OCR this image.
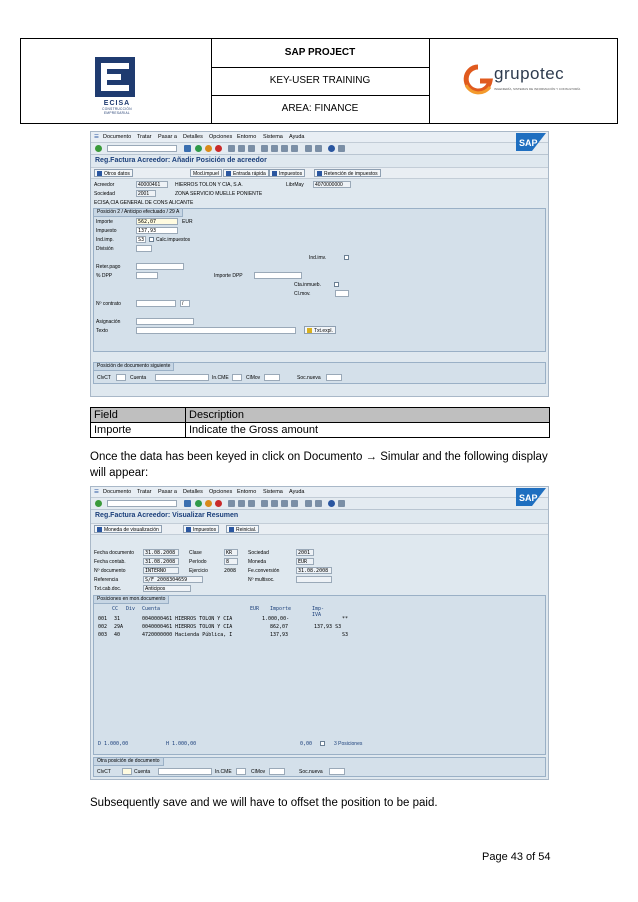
ECISA
CONSTRUCCIÓN EMPRESARIAL
SAP PROJECT
KEY-USER TRAINING
AREA: FINANCE
grupotec
INGENIERÍA, SISTEMAS DE INFORMACIÓN Y CONSULTORÍA
☰ Documento Tratar Pasar a Detalles Opciones Entorno Sistema Ayuda
SAP
Reg.Factura Acreedor: Añadir Posición de acreedor
Otros datos	Mod.impuel	Entrada rápida	Impuestos	Retención de impuestos
Acreedor	40000461	HIERROS TOLON Y CIA, S.A.	LibrMay	4070000000
Sociedad	2001	ZONA SERVICIO MUELLE PONIENTE
ECISA,CIA GENERAL DE CONS ALICANTE
Posición 2 / Anticipo efectuado / 29 A
Importe	562,07	EUR
Impuesto	137,93
Ind.imp.	S3	Calc.impuestos
División
Ind.imv.
Reter.pago
% DPP	Importe DPP
Cta.inmueb.
Cl.mov.
Nº contrato	/
Asignación
Texto	Txt.expl.
Posición de documento siguiente
ClvCT	Cuenta	In.CME	ClMov	Soc.nueva
Field	Description
Importe	Indicate the Gross amount
Once the data has been keyed in click on Documento → Simular and the following display will appear:
☰ Documento Tratar Pasar a Detalles Opciones Entorno Sistema Ayuda
SAP
Reg.Factura Acreedor: Visualizar Resumen
Moneda de visualización	Impuestos	Reinicial.
Fecha documento	31.08.2008	Clase	KR	Sociedad	2001
Fecha contab.	31.08.2008	Período	8	Moneda	EUR
Nº documento	INTERNO	Ejercicio	2008 Fe.conversión	31.08.2008
Referencia	S/F 2008304659	Nº multisoc.
Txt.cab.doc.	Anticipos
Posiciones en mon.documento
CC Div Cuenta	EUR Importe	Imp-IVA
001 31	0040000461 HIERROS TOLON Y CIA	1.000,00-	**
002 29A	0040000461 HIERROS TOLON Y CIA	862,07	137,93 S3
003 40	4720000000 Hacienda Pública, I	137,93	S3
D 1.000,00	H 1.000,00	0,00	3 Posiciones
Otra posición de documento
ClvCT	Cuenta	In.CME	ClMov	Soc.nueva
Subsequently save and we will have to offset the position to be paid.
Page 43 of 54
